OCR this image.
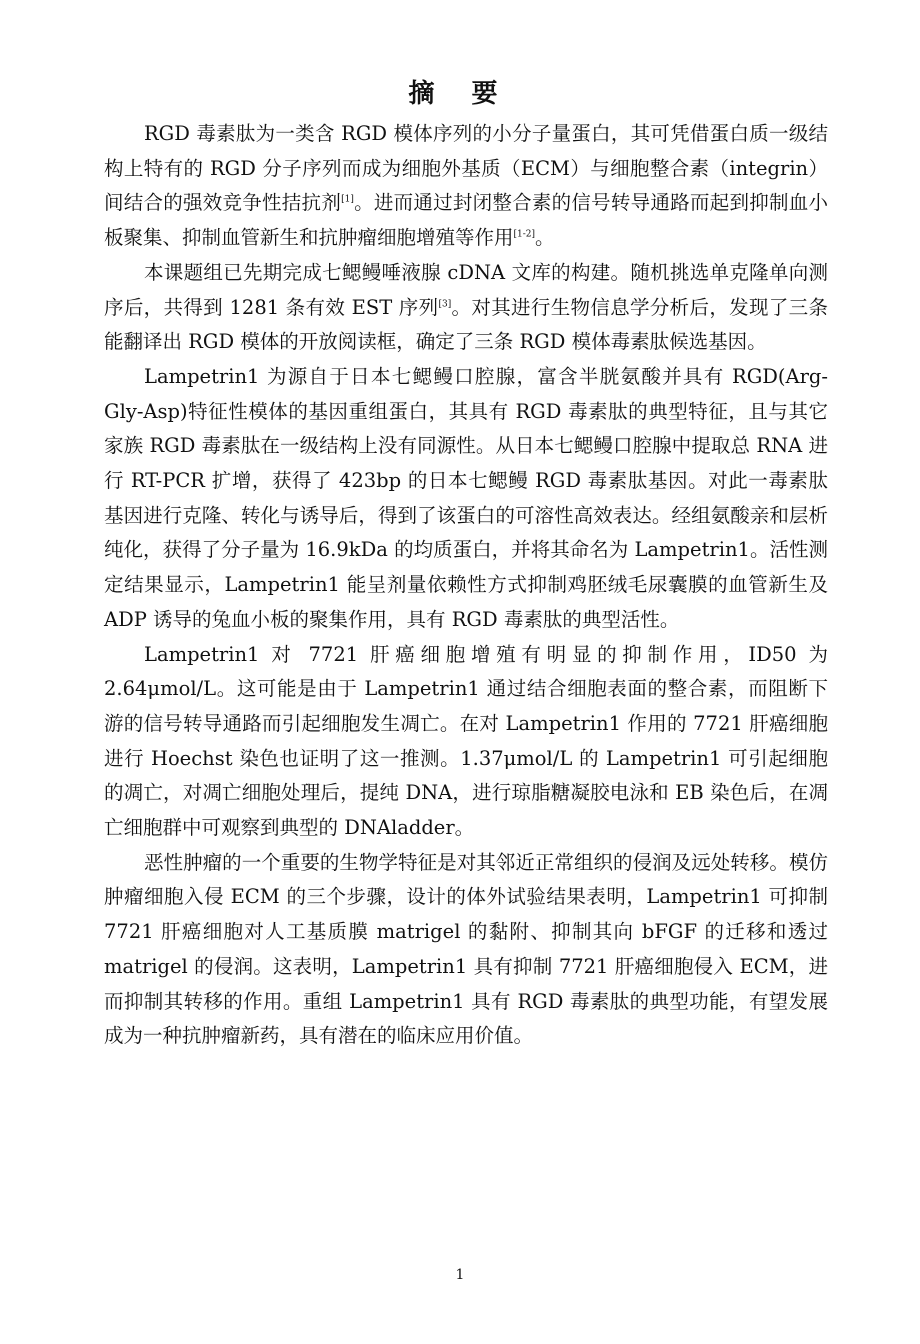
摘 要

RGD 毒素肽为一类含 RGD 模体序列的小分子量蛋白，其可凭借蛋白质一级结构上特有的 RGD 分子序列而成为细胞外基质（ECM）与细胞整合素（integrin）间结合的强效竞争性拮抗剂[1]。进而通过封闭整合素的信号转导通路而起到抑制血小板聚集、抑制血管新生和抗肿瘤细胞增殖等作用[1-2]。

本课题组已先期完成七鳃鳗唾液腺 cDNA 文库的构建。随机挑选单克隆单向测序后，共得到 1281 条有效 EST 序列[3]。对其进行生物信息学分析后，发现了三条能翻译出 RGD 模体的开放阅读框，确定了三条 RGD 模体毒素肽候选基因。

Lampetrin1 为源自于日本七鳃鳗口腔腺，富含半胱氨酸并具有 RGD(Arg-Gly-Asp)特征性模体的基因重组蛋白，其具有 RGD 毒素肽的典型特征，且与其它家族 RGD 毒素肽在一级结构上没有同源性。从日本七鳃鳗口腔腺中提取总 RNA 进行 RT-PCR 扩增，获得了 423bp 的日本七鳃鳗 RGD 毒素肽基因。对此一毒素肽基因进行克隆、转化与诱导后，得到了该蛋白的可溶性高效表达。经组氨酸亲和层析纯化，获得了分子量为 16.9kDa 的均质蛋白，并将其命名为 Lampetrin1。活性测定结果显示，Lampetrin1 能呈剂量依赖性方式抑制鸡胚绒毛尿囊膜的血管新生及 ADP 诱导的兔血小板的聚集作用，具有 RGD 毒素肽的典型活性。

Lampetrin1 对 7721 肝癌细胞增殖有明显的抑制作用，ID50 为 2.64μmol/L。这可能是由于 Lampetrin1 通过结合细胞表面的整合素，而阻断下游的信号转导通路而引起细胞发生凋亡。在对 Lampetrin1 作用的 7721 肝癌细胞进行 Hoechst 染色也证明了这一推测。1.37μmol/L 的 Lampetrin1 可引起细胞的凋亡，对凋亡细胞处理后，提纯 DNA，进行琼脂糖凝胶电泳和 EB 染色后，在凋亡细胞群中可观察到典型的 DNAladder。

恶性肿瘤的一个重要的生物学特征是对其邻近正常组织的侵润及远处转移。模仿肿瘤细胞入侵 ECM 的三个步骤，设计的体外试验结果表明，Lampetrin1 可抑制 7721 肝癌细胞对人工基质膜 matrigel 的黏附、抑制其向 bFGF 的迁移和透过 matrigel 的侵润。这表明，Lampetrin1 具有抑制 7721 肝癌细胞侵入 ECM，进而抑制其转移的作用。重组 Lampetrin1 具有 RGD 毒素肽的典型功能，有望发展成为一种抗肿瘤新药，具有潜在的临床应用价值。

1
